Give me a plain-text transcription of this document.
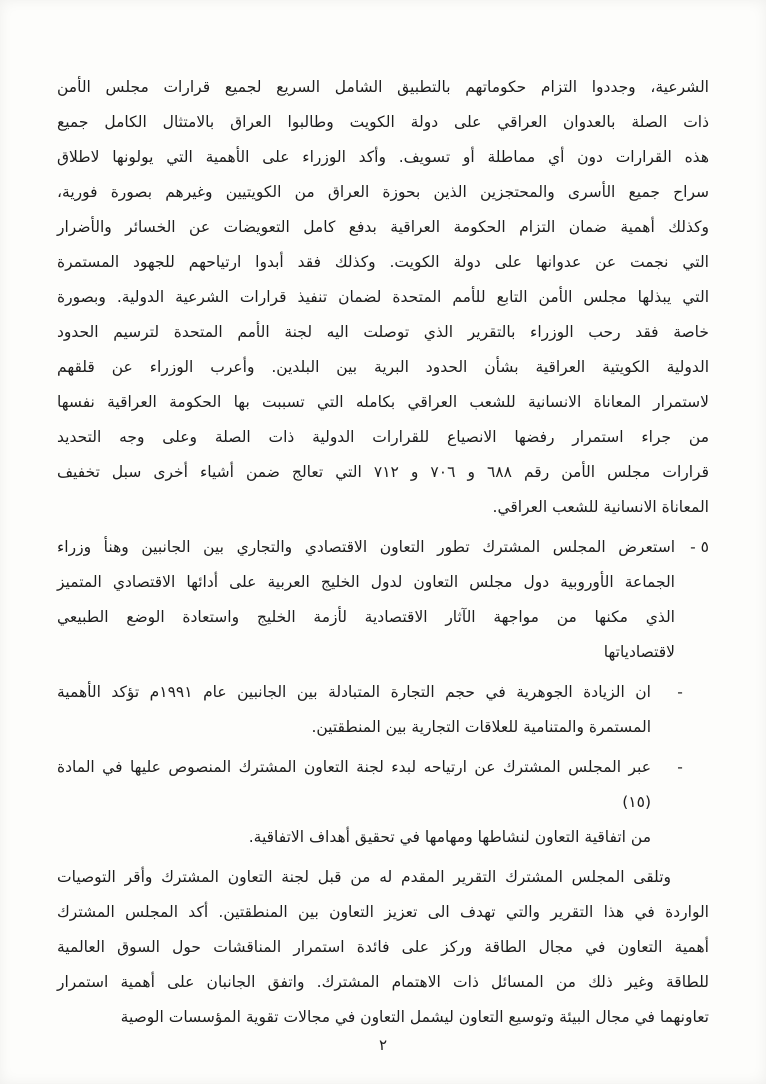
الشرعية، وجددوا التزام حكوماتهم بالتطبيق الشامل السريع لجميع قرارات مجلس الأمن
ذات الصلة بالعدوان العراقي على دولة الكويت وطالبوا العراق بالامتثال الكامل جميع
هذه القرارات دون أي مماطلة أو تسويف. وأكد الوزراء على الأهمية التي يولونها لاطلاق
سراح جميع الأسرى والمحتجزين الذين بحوزة العراق من الكويتيين وغيرهم بصورة فورية،
وكذلك أهمية ضمان التزام الحكومة العراقية بدفع كامل التعويضات عن الخسائر والأضرار
التي نجمت عن عدوانها على دولة الكويت. وكذلك فقد أبدوا ارتياحهم للجهود المستمرة
التي يبذلها مجلس الأمن التابع للأمم المتحدة لضمان تنفيذ قرارات الشرعية الدولية. وبصورة
خاصة فقد رحب الوزراء بالتقرير الذي توصلت اليه لجنة الأمم المتحدة لترسيم الحدود
الدولية الكويتية العراقية بشأن الحدود البرية بين البلدين. وأعرب الوزراء عن قلقهم
لاستمرار المعاناة الانسانية للشعب العراقي بكامله التي تسببت بها الحكومة العراقية نفسها
من جراء استمرار رفضها الانصياع للقرارات الدولية ذات الصلة وعلى وجه التحديد
قرارات مجلس الأمن رقم ٦٨٨ و ٧٠٦ و ٧١٢ التي تعالج ضمن أشياء أخرى سبل تخفيف
المعاناة الانسانية للشعب العراقي.
٥ -
استعرض المجلس المشترك تطور التعاون الاقتصادي والتجاري بين الجانبين وهنأ وزراء
الجماعة الأوروبية دول مجلس التعاون لدول الخليج العربية على أدائها الاقتصادي المتميز
الذي مكنها من مواجهة الآثار الاقتصادية لأزمة الخليج واستعادة الوضع الطبيعي
لاقتصادياتها
-
ان الزيادة الجوهرية في حجم التجارة المتبادلة بين الجانبين عام ١٩٩١م تؤكد الأهمية
المستمرة والمتنامية للعلاقات التجارية بين المنطقتين.
-
عبر المجلس المشترك عن ارتياحه لبدء لجنة التعاون المشترك المنصوص عليها في المادة (١٥)
من اتفاقية التعاون لنشاطها ومهامها في تحقيق أهداف الاتفاقية.
وتلقى المجلس المشترك التقرير المقدم له من قبل لجنة التعاون المشترك وأقر التوصيات
الواردة في هذا التقرير والتي تهدف الى تعزيز التعاون بين المنطقتين. أكد المجلس المشترك
أهمية التعاون في مجال الطاقة وركز على فائدة استمرار المناقشات حول السوق العالمية
للطاقة وغير ذلك من المسائل ذات الاهتمام المشترك. واتفق الجانبان على أهمية استمرار
تعاونهما في مجال البيئة وتوسيع التعاون ليشمل التعاون في مجالات تقوية المؤسسات الوصية
٢
